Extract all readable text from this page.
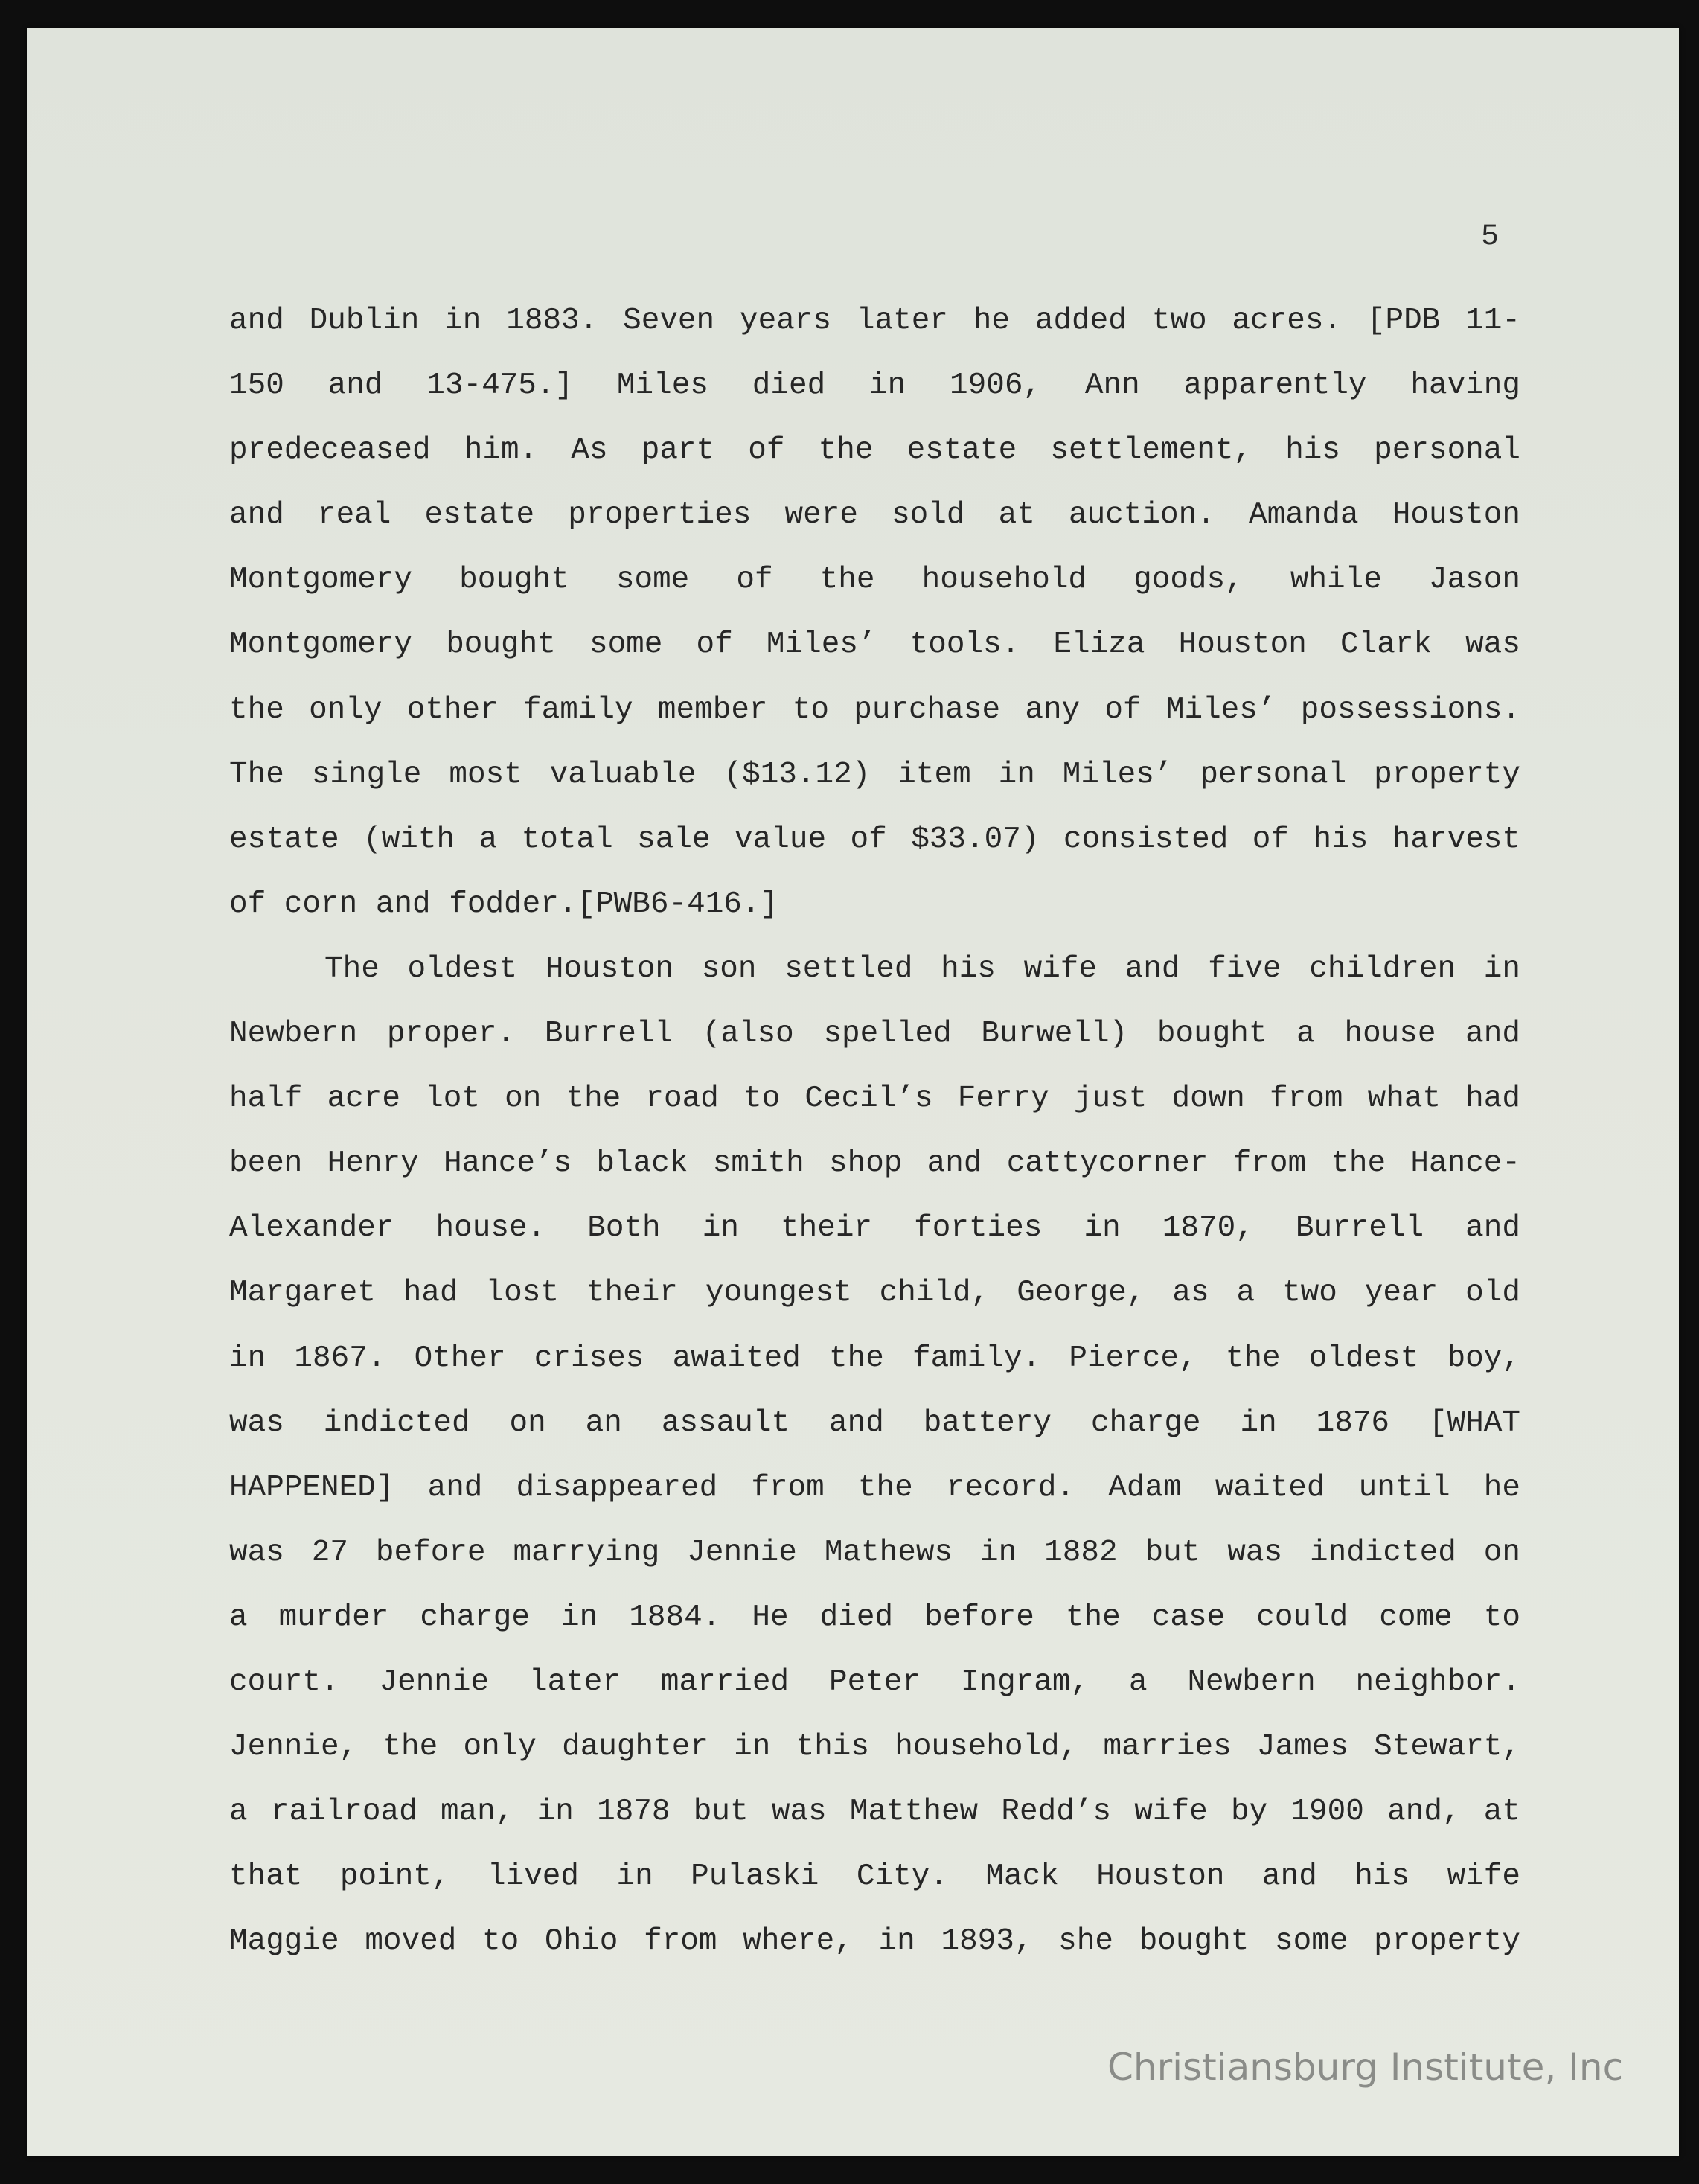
5
and Dublin in 1883. Seven years later he added two acres. [PDB 11-
150 and 13-475.] Miles died in 1906, Ann apparently having
predeceased him. As part of the estate settlement, his personal
and real estate properties were sold at auction. Amanda Houston
Montgomery bought some of the household goods, while Jason
Montgomery bought some of Miles’ tools. Eliza Houston Clark was
the only other family member to purchase any of Miles’ possessions.
The single most valuable ($13.12) item in Miles’ personal property
estate (with a total sale value of $33.07) consisted of his harvest
of corn and fodder.[PWB6-416.]
The oldest Houston son settled his wife and five children in
Newbern proper. Burrell (also spelled Burwell) bought a house and
half acre lot on the road to Cecil’s Ferry just down from what had
been Henry Hance’s black smith shop and cattycorner from the Hance-
Alexander house. Both in their forties in 1870, Burrell and
Margaret had lost their youngest child, George, as a two year old
in 1867. Other crises awaited the family. Pierce, the oldest boy,
was indicted on an assault and battery charge in 1876 [WHAT
HAPPENED] and disappeared from the record. Adam waited until he
was 27 before marrying Jennie Mathews in 1882 but was indicted on
a murder charge in 1884. He died before the case could come to
court. Jennie later married Peter Ingram, a Newbern neighbor.
Jennie, the only daughter in this household, marries James Stewart,
a railroad man, in 1878 but was Matthew Redd’s wife by 1900 and, at
that point, lived in Pulaski City. Mack Houston and his wife
Maggie moved to Ohio from where, in 1893, she bought some property
Christiansburg Institute, Inc
